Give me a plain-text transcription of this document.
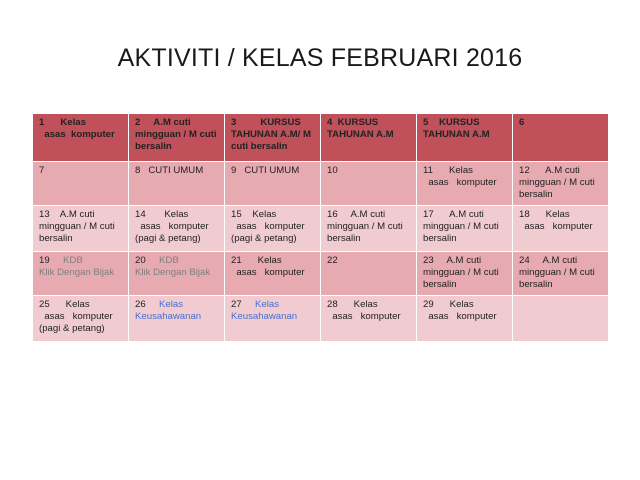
AKTIVITI / KELAS FEBRUARI 2016
1      Kelas
asas  komputer	2     A.M cuti
mingguan / M cuti
bersalin	3         KURSUS
TAHUNAN A.M/ M
cuti bersalin	4  KURSUS
TAHUNAN A.M	5    KURSUS
TAHUNAN A.M	6

7	8   CUTI UMUM	9   CUTI UMUM	10	11      Kelas
asas   komputer	12      A.M cuti
mingguan / M cuti
bersalin

13    A.M cuti
mingguan / M cuti
bersalin	14       Kelas
asas   komputer
(pagi & petang)	15    Kelas
asas   komputer
(pagi & petang)	16     A.M cuti
mingguan / M cuti
bersalin	17      A.M cuti
mingguan / M cuti
bersalin	18      Kelas
asas   komputer

19 KDB
Klik Dengan Bijak	20 KDB
Klik Dengan Bijak	21      Kelas
asas   komputer	22	23     A.M cuti
mingguan / M cuti
bersalin	24     A.M cuti
mingguan / M cuti
bersalin

25      Kelas
asas   komputer
(pagi & petang)	26 Kelas
Keusahawanan	27 Kelas
Keusahawanan	28      Kelas
asas   komputer	29      Kelas
asas   komputer	
